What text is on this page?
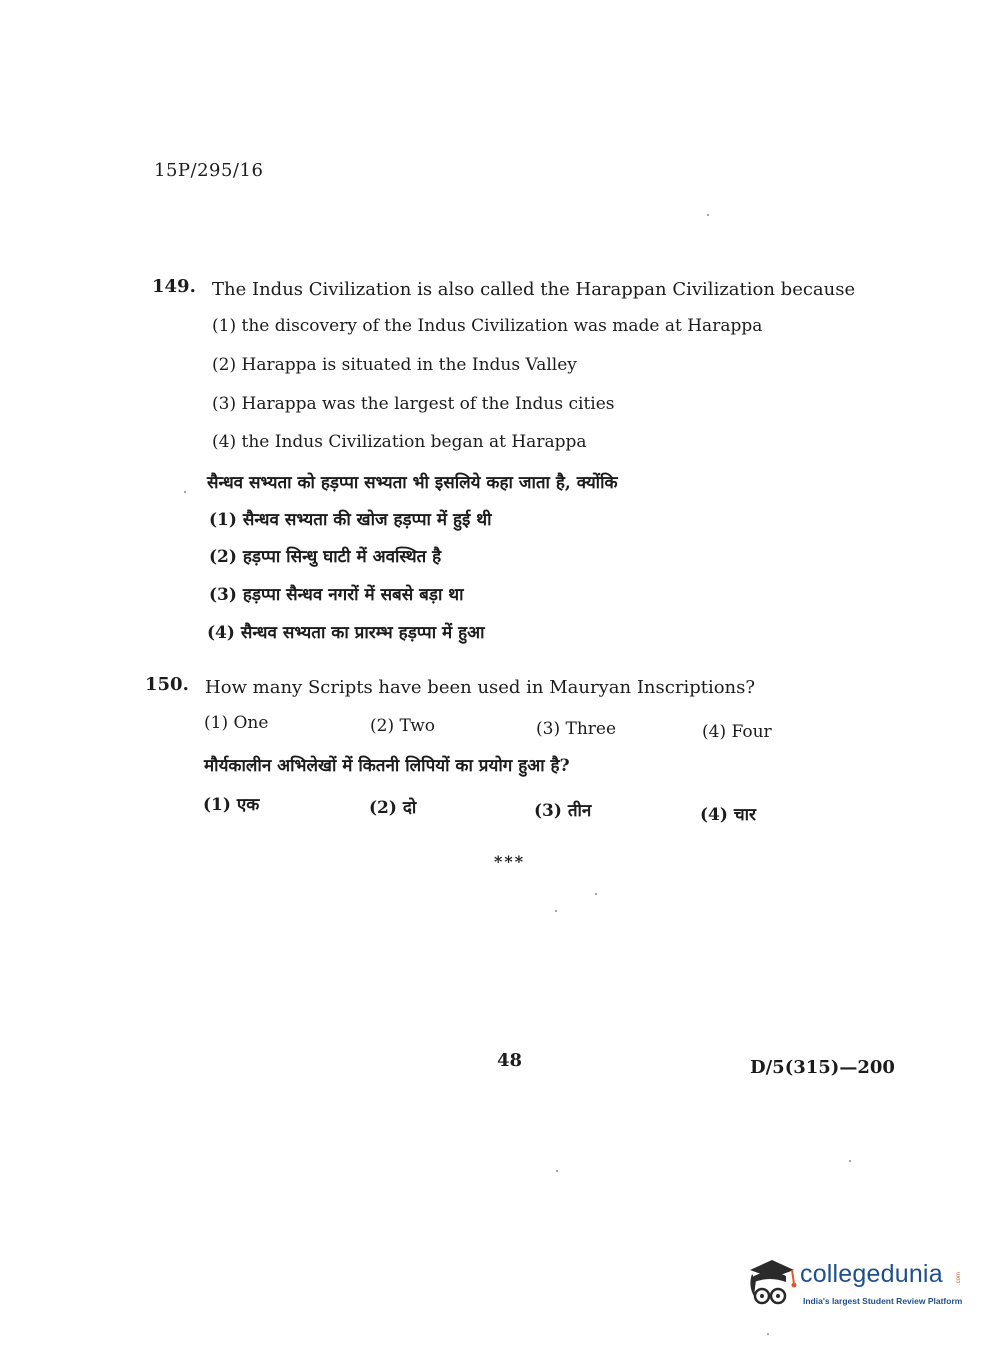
15P/295/16
149. The Indus Civilization is also called the Harappan Civilization because
(1) the discovery of the Indus Civilization was made at Harappa
(2) Harappa is situated in the Indus Valley
(3) Harappa was the largest of the Indus cities
(4) the Indus Civilization began at Harappa
सैन्धव सभ्यता को हड़प्पा सभ्यता भी इसलिये कहा जाता है, क्योंकि
(1) सैन्धव सभ्यता की खोज हड़प्पा में हुई थी
(2) हड़प्पा सिन्धु घाटी में अवस्थित है
(3) हड़प्पा सैन्धव नगरों में सबसे बड़ा था
(4) सैन्धव सभ्यता का प्रारम्भ हड़प्पा में हुआ
150. How many Scripts have been used in Mauryan Inscriptions?
(1) One	(2) Two	(3) Three	(4) Four
मौर्यकालीन अभिलेखों में कितनी लिपियों का प्रयोग हुआ है?
(1) एक	(2) दो	(3) तीन	(4) चार
***
48	D/5(315)—200
collegedunia .com
India's largest Student Review Platform
